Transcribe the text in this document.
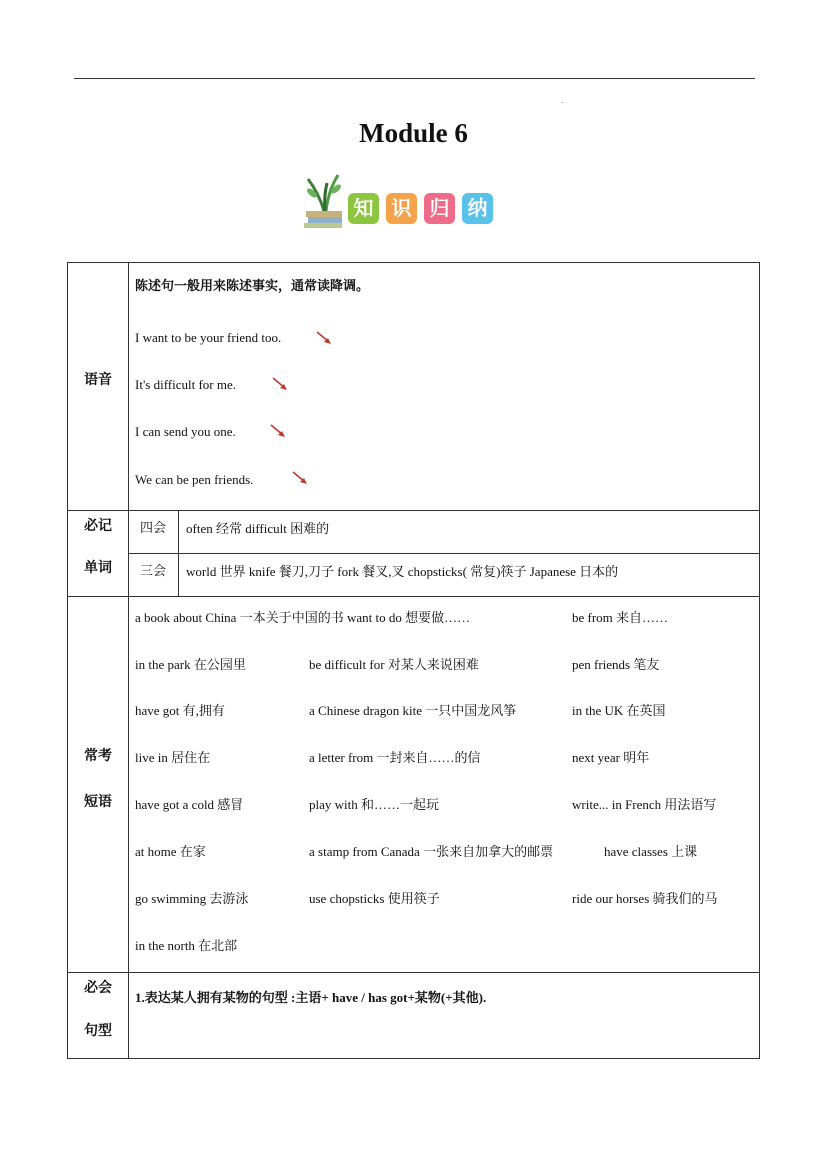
-
Module 6
知 识 归 纳
语音
陈述句一般用来陈述事实，通常读降调。
I want to be your friend too.
It's difficult for me.
I can send you one.
We can be pen friends.
必记
单词
四会	often 经常 difficult 困难的
三会	world 世界 knife 餐刀,刀子 fork 餐叉,叉 chopsticks( 常复)筷子 Japanese 日本的
常考
短语
a book about China 一本关于中国的书 want to do 想要做……	be from 来自……
in the park 在公园里	be difficult for 对某人来说困难	pen friends 笔友
have got 有,拥有	a Chinese dragon kite 一只中国龙风筝	in the UK 在英国
live in 居住在	a letter from 一封来自……的信	next year 明年
have got a cold 感冒	play with 和……一起玩	write... in French 用法语写
at home 在家	a stamp from Canada 一张来自加拿大的邮票	have classes 上课
go swimming 去游泳	use chopsticks 使用筷子	ride our horses 骑我们的马
in the north 在北部
必会
句型
1.表达某人拥有某物的句型 :主语+ have / has got+某物(+其他).
